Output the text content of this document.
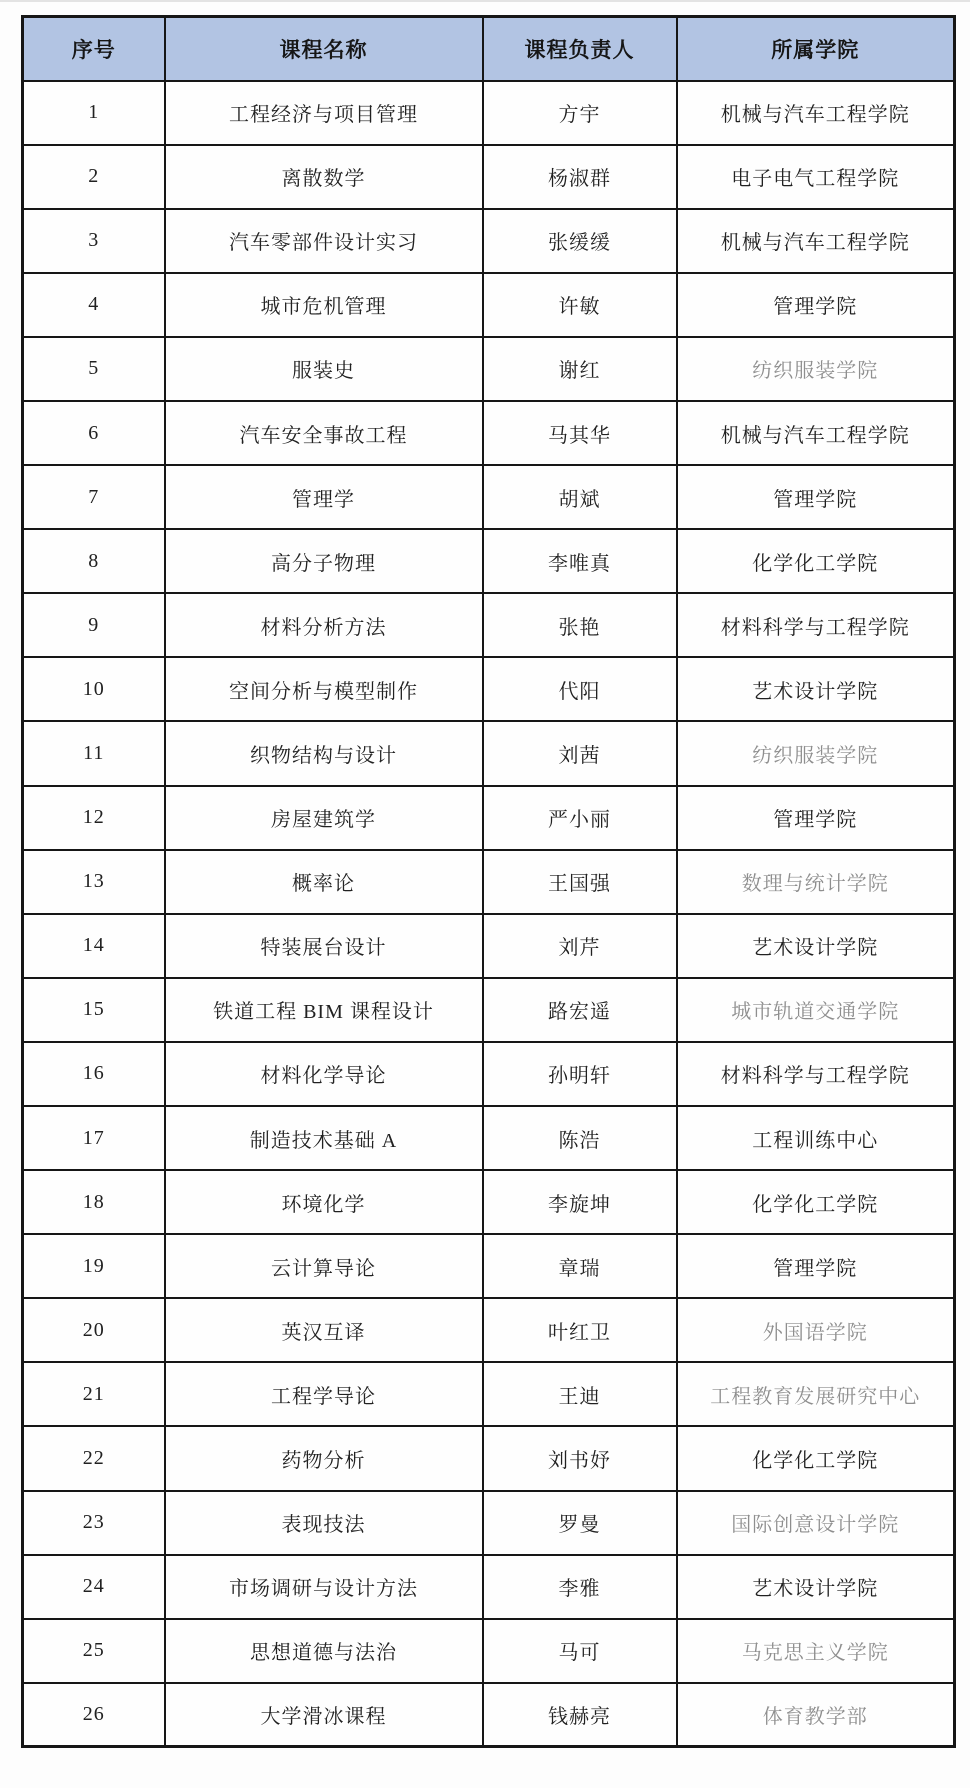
序号	课程名称	课程负责人	所属学院
1	工程经济与项目管理	方宇	机械与汽车工程学院
2	离散数学	杨淑群	电子电气工程学院
3	汽车零部件设计实习	张缓缓	机械与汽车工程学院
4	城市危机管理	许敏	管理学院
5	服装史	谢红	纺织服装学院
6	汽车安全事故工程	马其华	机械与汽车工程学院
7	管理学	胡斌	管理学院
8	高分子物理	李唯真	化学化工学院
9	材料分析方法	张艳	材料科学与工程学院
10	空间分析与模型制作	代阳	艺术设计学院
11	织物结构与设计	刘茜	纺织服装学院
12	房屋建筑学	严小丽	管理学院
13	概率论	王国强	数理与统计学院
14	特装展台设计	刘芹	艺术设计学院
15	铁道工程 BIM 课程设计	路宏遥	城市轨道交通学院
16	材料化学导论	孙明轩	材料科学与工程学院
17	制造技术基础 A	陈浩	工程训练中心
18	环境化学	李旋坤	化学化工学院
19	云计算导论	章瑞	管理学院
20	英汉互译	叶红卫	外国语学院
21	工程学导论	王迪	工程教育发展研究中心
22	药物分析	刘书妤	化学化工学院
23	表现技法	罗曼	国际创意设计学院
24	市场调研与设计方法	李雅	艺术设计学院
25	思想道德与法治	马可	马克思主义学院
26	大学滑冰课程	钱赫亮	体育教学部
